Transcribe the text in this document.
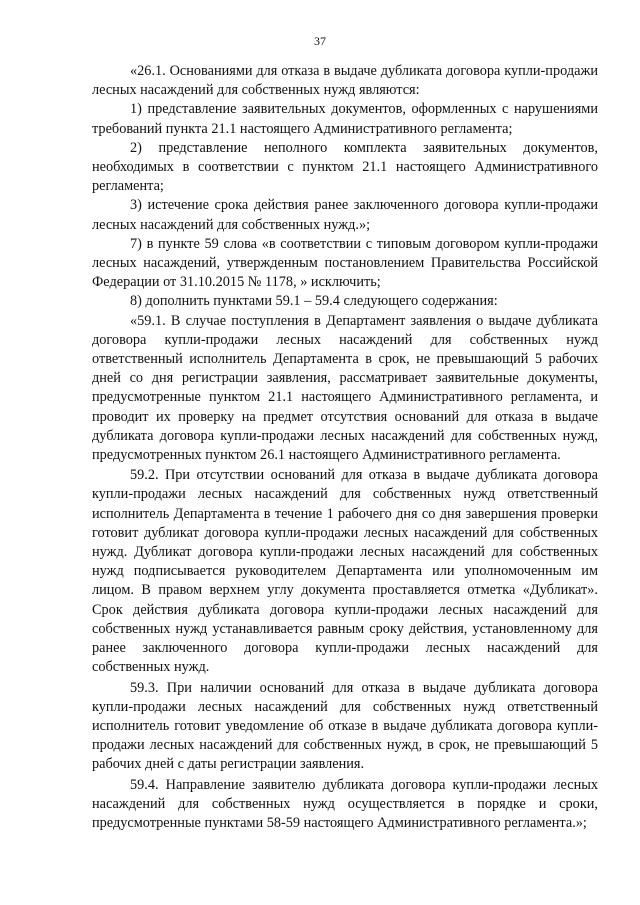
37

«26.1. Основаниями для отказа в выдаче дубликата договора купли-продажи лесных насаждений для собственных нужд являются:

1) представление заявительных документов, оформленных с нарушениями требований пункта 21.1 настоящего Административного регламента;

2) представление неполного комплекта заявительных документов, необходимых в соответствии с пунктом 21.1 настоящего Административного регламента;

3) истечение срока действия ранее заключенного договора купли-продажи лесных насаждений для собственных нужд.»;

7) в пункте 59 слова «в соответствии с типовым договором купли-продажи лесных насаждений, утвержденным постановлением Правительства Российской Федерации от 31.10.2015 № 1178, » исключить;

8) дополнить пунктами 59.1 – 59.4 следующего содержания:

«59.1. В случае поступления в Департамент заявления о выдаче дубликата договора купли-продажи лесных насаждений для собственных нужд ответственный исполнитель Департамента в срок, не превышающий 5 рабочих дней со дня регистрации заявления, рассматривает заявительные документы, предусмотренные пунктом 21.1 настоящего Административного регламента, и проводит их проверку на предмет отсутствия оснований для отказа в выдаче дубликата договора купли-продажи лесных насаждений для собственных нужд, предусмотренных пунктом 26.1 настоящего Административного регламента.

59.2. При отсутствии оснований для отказа в выдаче дубликата договора купли-продажи лесных насаждений для собственных нужд ответственный исполнитель Департамента в течение 1 рабочего дня со дня завершения проверки готовит дубликат договора купли-продажи лесных насаждений для собственных нужд. Дубликат договора купли-продажи лесных насаждений для собственных нужд подписывается руководителем Департамента или уполномоченным им лицом. В правом верхнем углу документа проставляется отметка «Дубликат». Срок действия дубликата договора купли-продажи лесных насаждений для собственных нужд устанавливается равным сроку действия, установленному для ранее заключенного договора купли-продажи лесных насаждений для собственных нужд.

59.3. При наличии оснований для отказа в выдаче дубликата договора купли-продажи лесных насаждений для собственных нужд ответственный исполнитель готовит уведомление об отказе в выдаче дубликата договора купли-продажи лесных насаждений для собственных нужд, в срок, не превышающий 5 рабочих дней с даты регистрации заявления.

59.4. Направление заявителю дубликата договора купли-продажи лесных насаждений для собственных нужд осуществляется в порядке и сроки, предусмотренные пунктами 58-59 настоящего Административного регламента.»;
